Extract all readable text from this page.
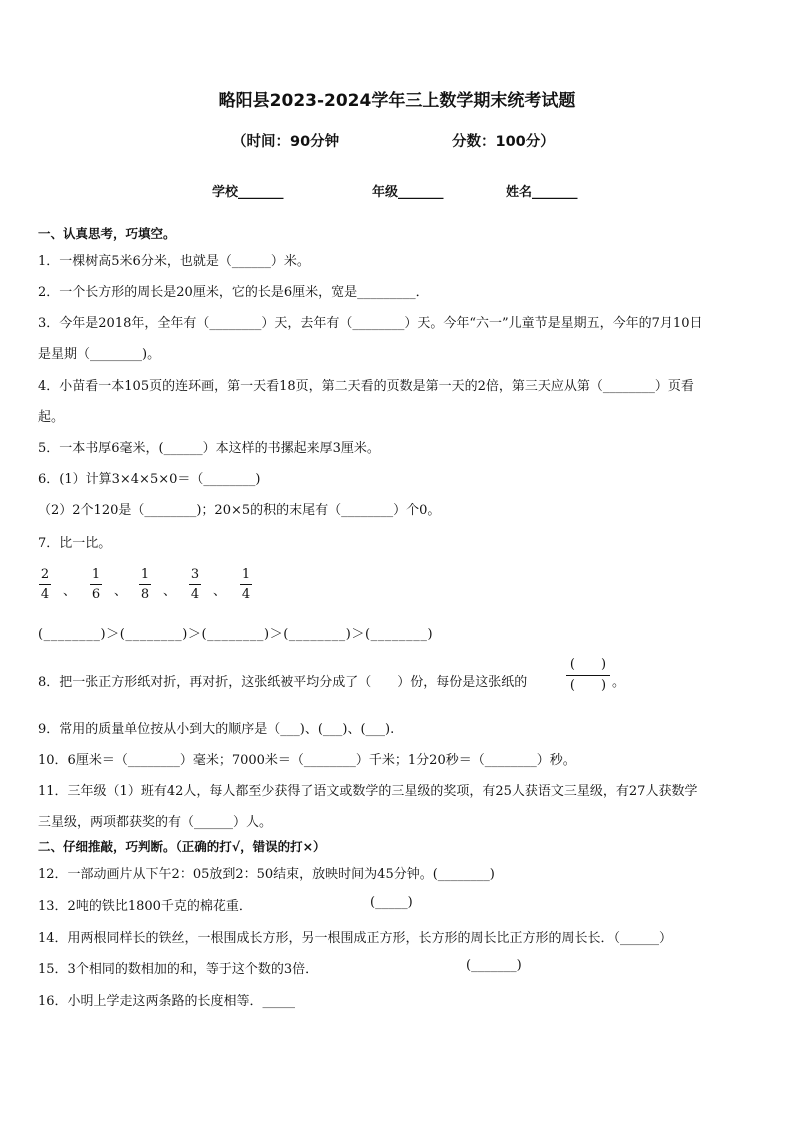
略阳县2023-2024学年三上数学期末统考试题
（时间：90分钟	分数：100分）
学校_______	年级_______	姓名_______
一、认真思考，巧填空。
1．一棵树高5米6分米，也就是（______）米。
2．一个长方形的周长是20厘米，它的长是6厘米，宽是_________．
3．今年是2018年，全年有（________）天，去年有（________）天。今年“六一”儿童节是星期五，今年的7月10日
是星期（________)。
4．小苗看一本105页的连环画，第一天看18页，第二天看的页数是第一天的2倍，第三天应从第（________）页看
起。
5．一本书厚6毫米，(______）本这样的书摞起来厚3厘米。
6．(1）计算3×4×5×0＝（________)
（2）2个120是（________)；20×5的积的末尾有（________）个0。
7．比一比。
2
4 、
1
6 、
1
8 、
3
4 、
1
4
(________)＞(________)＞(________)＞(________)＞(________)
8．把一张正方形纸对折，再对折，这张纸被平均分成了（　　）份，每份是这张纸的
(　　)
(　　) 。
9．常用的质量单位按从小到大的顺序是（___)、(___)、(___).
10．6厘米＝（________）毫米；7000米＝（________）千米；1分20秒＝（________）秒。
11．三年级（1）班有42人，每人都至少获得了语文或数学的三星级的奖项，有25人获语文三星级，有27人获数学
三星级，两项都获奖的有（______）人。
二、仔细推敲，巧判断。（正确的打√，错误的打×）
12．一部动画片从下午2：05放到2：50结束，放映时间为45分钟。(________)
13．2吨的铁比1800千克的棉花重．	(_____)
14．用两根同样长的铁丝，一根围成长方形，另一根围成正方形，长方形的周长比正方形的周长长．（______）
15．3个相同的数相加的和，等于这个数的3倍．	(_______)
16．小明上学走这两条路的长度相等．_____
